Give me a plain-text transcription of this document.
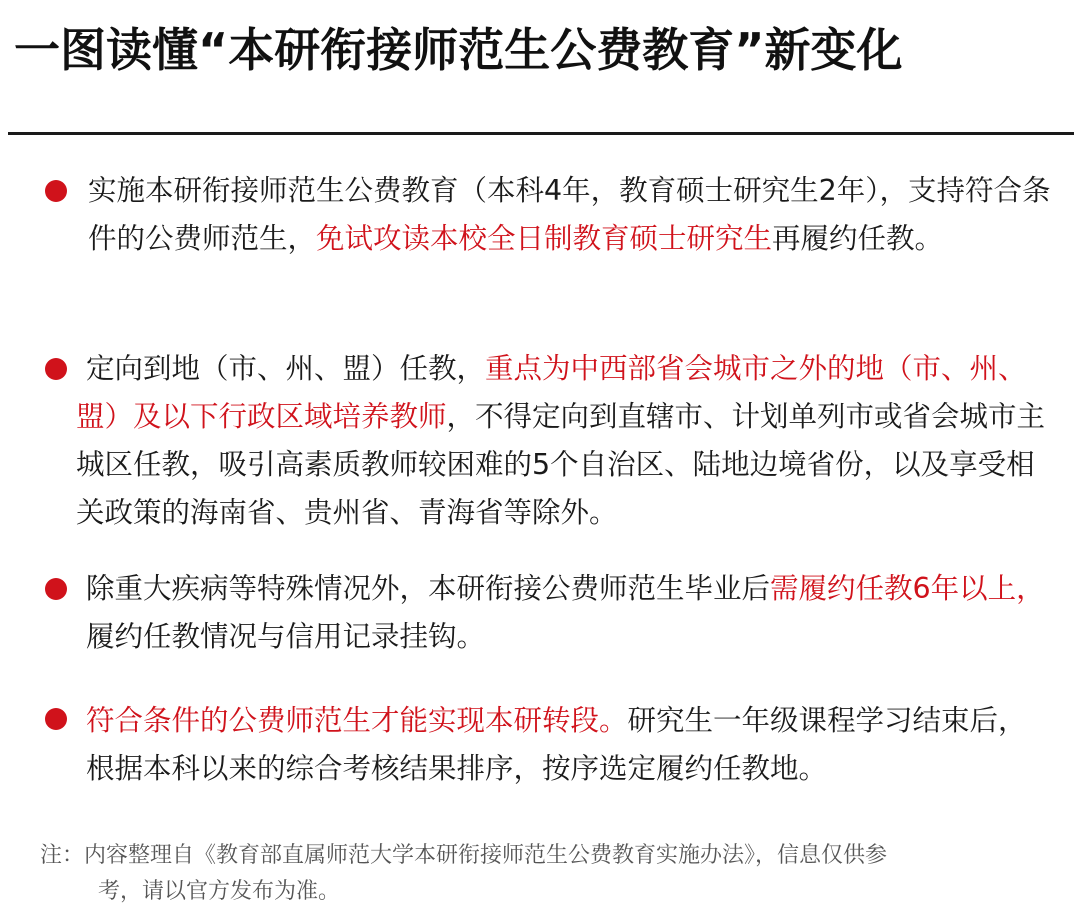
一图读懂“本研衔接师范生公费教育”新变化
实施本研衔接师范生公费教育（本科4年，教育硕士研究生2年），支持符合条件的公费师范生，免试攻读本校全日制教育硕士研究生再履约任教。
定向到地（市、州、盟）任教，重点为中西部省会城市之外的地（市、州、盟）及以下行政区域培养教师，不得定向到直辖市、计划单列市或省会城市主城区任教，吸引高素质教师较困难的5个自治区、陆地边境省份，以及享受相关政策的海南省、贵州省、青海省等除外。
除重大疾病等特殊情况外，本研衔接公费师范生毕业后需履约任教6年以上，履约任教情况与信用记录挂钩。
符合条件的公费师范生才能实现本研转段。研究生一年级课程学习结束后，根据本科以来的综合考核结果排序，按序选定履约任教地。
注：内容整理自《教育部直属师范大学本研衔接师范生公费教育实施办法》，信息仅供参
考，请以官方发布为准。
